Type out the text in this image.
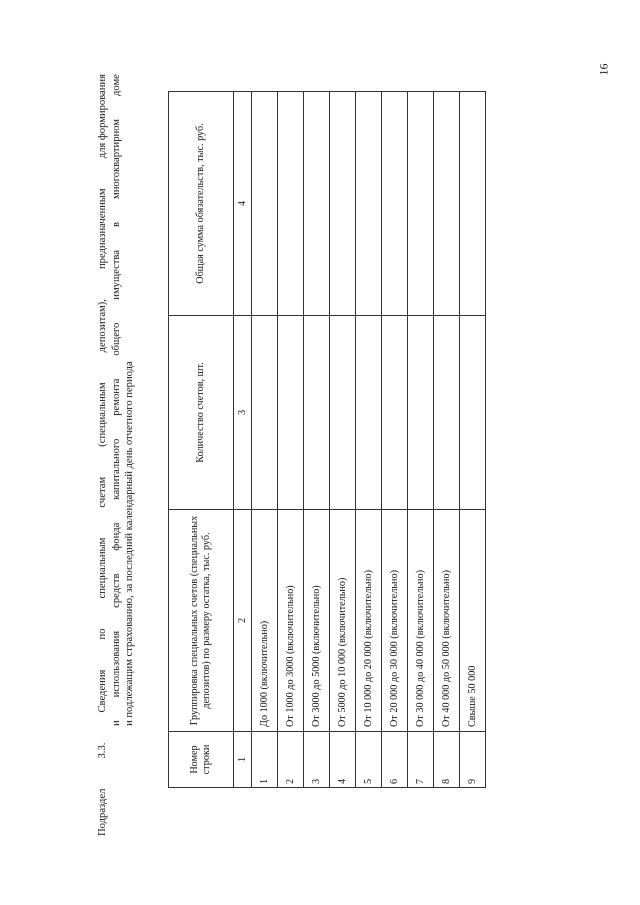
16
Подраздел
3.3.
Сведения
по
специальным
счетам
(специальным
депозитам),
предназначенным
для формирования
и
использования
средств
фонда
капитального
ремонта
общего
имущества
в
многоквартирном
доме
и подлежащим страхованию, за последний календарный день отчетного периода
Номер строки	Группировка специальных счетов (специальных депозитов) по размеру остатка, тыс. руб.	Количество счетов, шт.	Общая сумма обязательств, тыс. руб.
1	2	3	4
1	До 1000 (включительно)		
2	От 1000 до 3000 (включительно)		
3	От 3000 до 5000 (включительно)		
4	От 5000 до 10 000 (включительно)		
5	От 10 000 до 20 000 (включительно)		
6	От 20 000 до 30 000 (включительно)		
7	От 30 000 до 40 000 (включительно)		
8	От 40 000 до 50 000 (включительно)		
9	Свыше 50 000		
